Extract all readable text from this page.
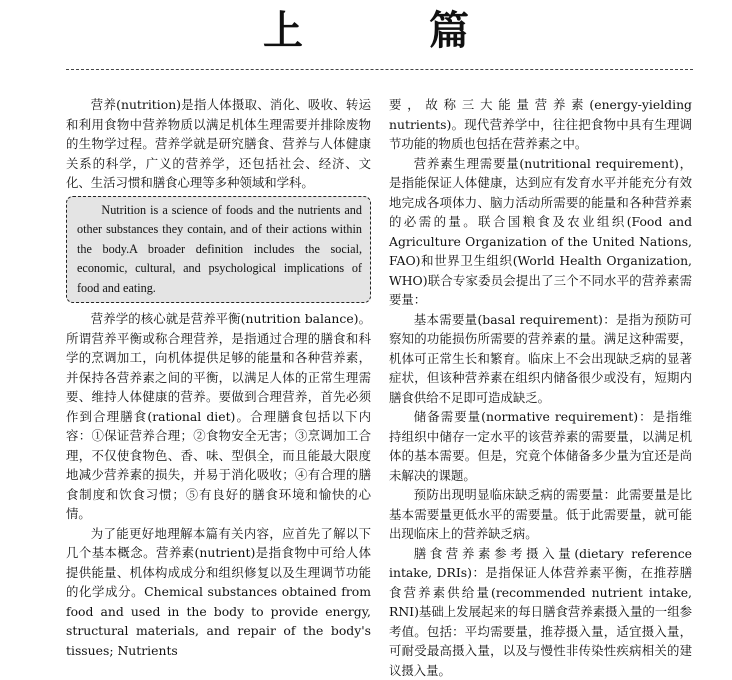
上 篇

营养(nutrition)是指人体摄取、消化、吸收、转运和利用食物中营养物质以满足机体生理需要并排除废物的生物学过程。营养学就是研究膳食、营养与人体健康关系的科学，广义的营养学，还包括社会、经济、文化、生活习惯和膳食心理等多种领域和学科。

Nutrition is a science of foods and the nutrients and other substances they contain, and of their actions within the body.A broader definition includes the social, economic, cultural, and psychological implications of food and eating.

营养学的核心就是营养平衡(nutrition balance)。所谓营养平衡或称合理营养，是指通过合理的膳食和科学的烹调加工，向机体提供足够的能量和各种营养素，并保持各营养素之间的平衡，以满足人体的正常生理需要、维持人体健康的营养。要做到合理营养，首先必须作到合理膳食(rational diet)。合理膳食包括以下内容：①保证营养合理；②食物安全无害；③烹调加工合理，不仅使食物色、香、味、型俱全，而且能最大限度地减少营养素的损失，并易于消化吸收；④有合理的膳食制度和饮食习惯；⑤有良好的膳食环境和愉快的心情。

为了能更好地理解本篇有关内容，应首先了解以下几个基本概念。营养素(nutrient)是指食物中可给人体提供能量、机体构成成分和组织修复以及生理调节功能的化学成分。Chemical substances obtained from food and used in the body to provide energy, structural materials, and repair of the body's tissues; Nutrients

要，故称三大能量营养素(energy-yielding nutrients)。现代营养学中，往往把食物中具有生理调节功能的物质也包括在营养素之中。

营养素生理需要量(nutritional requirement)，是指能保证人体健康，达到应有发育水平并能充分有效地完成各项体力、脑力活动所需要的能量和各种营养素的必需的量。联合国粮食及农业组织(Food and Agriculture Organization of the United Nations, FAO)和世界卫生组织(World Health Organization, WHO)联合专家委员会提出了三个不同水平的营养素需要量：

基本需要量(basal requirement)：是指为预防可察知的功能损伤所需要的营养素的量。满足这种需要，机体可正常生长和繁育。临床上不会出现缺乏病的显著症状，但该种营养素在组织内储备很少或没有，短期内膳食供给不足即可造成缺乏。

储备需要量(normative requirement)：是指维持组织中储存一定水平的该营养素的需要量，以满足机体的基本需要。但是，究竟个体储备多少量为宜还是尚未解决的课题。

预防出现明显临床缺乏病的需要量：此需要量是比基本需要量更低水平的需要量。低于此需要量，就可能出现临床上的营养缺乏病。

膳食营养素参考摄入量(dietary reference intake, DRIs)：是指保证人体营养素平衡，在推荐膳食营养素供给量(recommended nutrient intake, RNI)基础上发展起来的每日膳食营养素摄入量的一组参考值。包括：平均需要量，推荐摄入量，适宜摄入量，可耐受最高摄入量，以及与慢性非传染性疾病相关的建议摄入量。
